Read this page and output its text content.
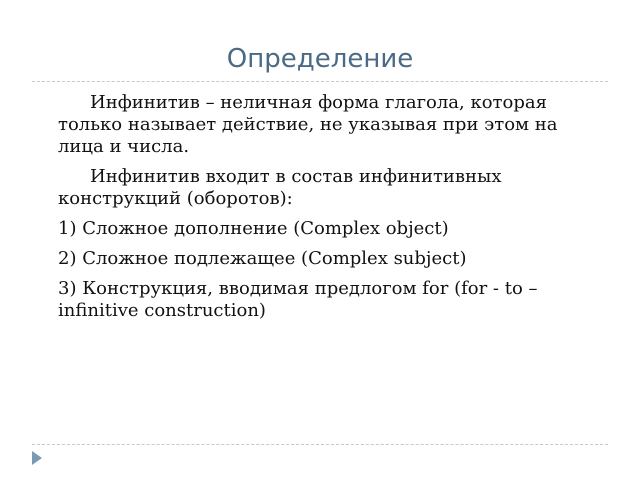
Определение

Инфинитив – неличная форма глагола, которая только называет действие, не указывая при этом на лица и числа.

Инфинитив входит в состав инфинитивных конструкций (оборотов):

1) Сложное дополнение (Complex object)

2) Сложное подлежащее (Complex subject)

3) Конструкция, вводимая предлогом for (for - to – infinitive construction)
